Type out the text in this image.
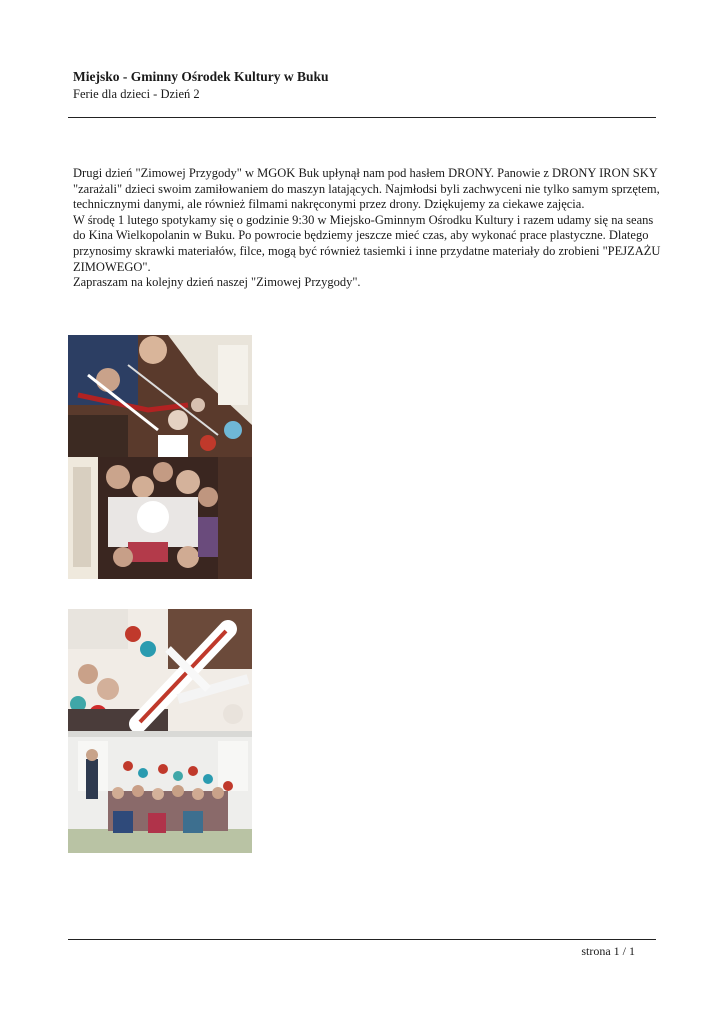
Miejsko - Gminny Ośrodek Kultury w Buku
Ferie dla dzieci - Dzień 2

Drugi dzień "Zimowej Przygody" w MGOK Buk upłynął nam pod hasłem DRONY. Panowie z DRONY IRON SKY "zarażali" dzieci swoim zamiłowaniem do maszyn latających. Najmłodsi byli zachwyceni nie tylko samym sprzętem, technicznymi danymi, ale również filmami nakręconymi przez drony. Dziękujemy za ciekawe zajęcia.

W środę 1 lutego spotykamy się o godzinie 9:30 w Miejsko-Gminnym Ośrodku Kultury i razem udamy się na seans do Kina Wielkopolanin w Buku. Po powrocie będziemy jeszcze mieć czas, aby wykonać prace plastyczne. Dlatego przynosimy skrawki materiałów, filce, mogą być również tasiemki i inne przydatne materiały do zrobieni "PEJZAŻU ZIMOWEGO".

Zapraszam na kolejny dzień naszej "Zimowej Przygody".

strona 1 / 1
